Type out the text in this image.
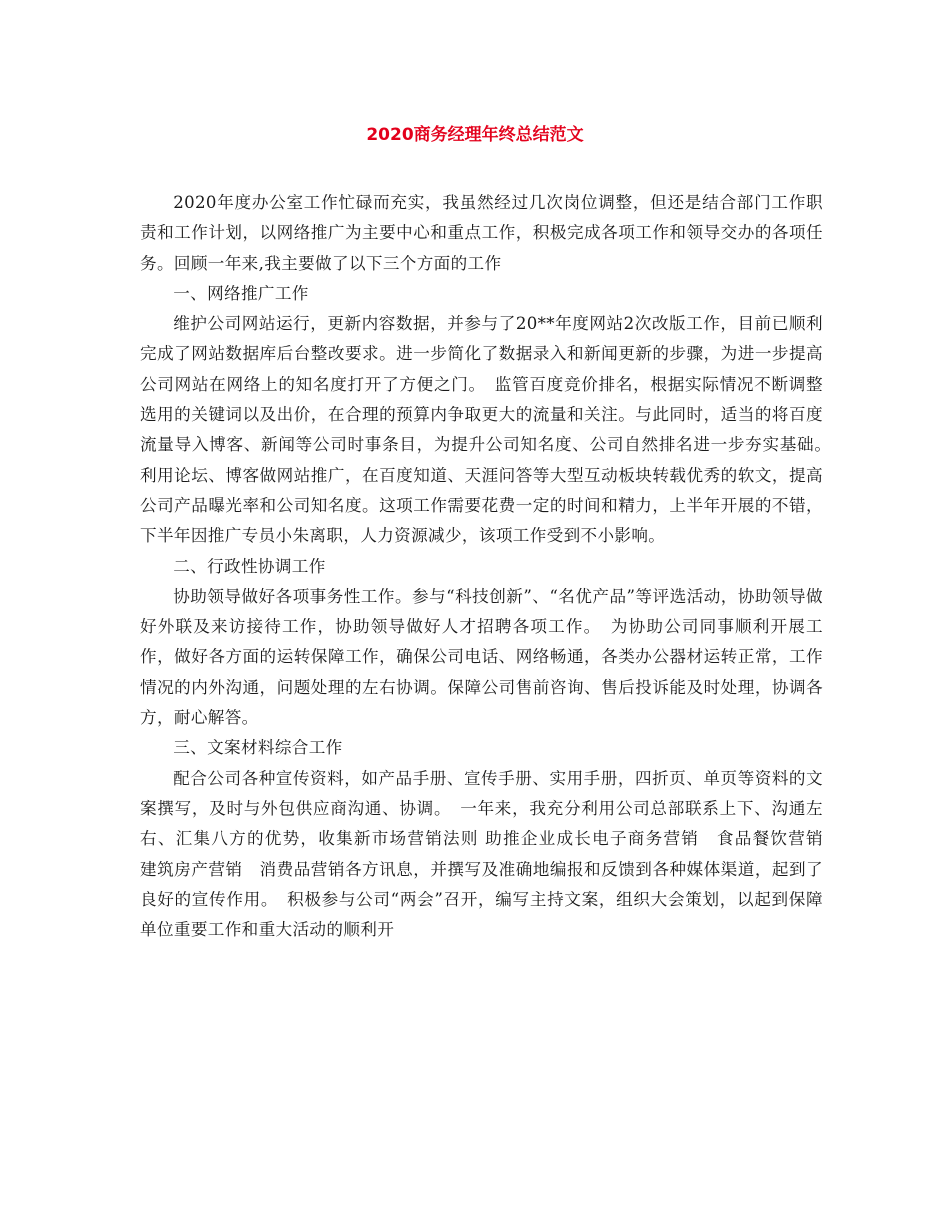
2020商务经理年终总结范文

2020年度办公室工作忙碌而充实，我虽然经过几次岗位调整，但还是结合部门工作职责和工作计划，以网络推广为主要中心和重点工作，积极完成各项工作和领导交办的各项任务。回顾一年来,我主要做了以下三个方面的工作

一、网络推广工作

维护公司网站运行，更新内容数据，并参与了20**年度网站2次改版工作，目前已顺利完成了网站数据库后台整改要求。进一步简化了数据录入和新闻更新的步骤，为进一步提高公司网站在网络上的知名度打开了方便之门。　监管百度竞价排名，根据实际情况不断调整选用的关键词以及出价，在合理的预算内争取更大的流量和关注。与此同时，适当的将百度流量导入博客、新闻等公司时事条目，为提升公司知名度、公司自然排名进一步夯实基础。　利用论坛、博客做网站推广，在百度知道、天涯问答等大型互动板块转载优秀的软文，提高公司产品曝光率和公司知名度。这项工作需要花费一定的时间和精力，上半年开展的不错，下半年因推广专员小朱离职，人力资源减少，该项工作受到不小影响。

二、行政性协调工作

协助领导做好各项事务性工作。参与“科技创新”、“名优产品”等评选活动，协助领导做好外联及来访接待工作，协助领导做好人才招聘各项工作。　为协助公司同事顺利开展工作，做好各方面的运转保障工作，确保公司电话、网络畅通，各类办公器材运转正常，工作情况的内外沟通，问题处理的左右协调。保障公司售前咨询、售后投诉能及时处理，协调各方，耐心解答。

三、文案材料综合工作

配合公司各种宣传资料，如产品手册、宣传手册、实用手册，四折页、单页等资料的文案撰写，及时与外包供应商沟通、协调。　一年来，我充分利用公司总部联系上下、沟通左右、汇集八方的优势，收集新市场营销法则 助推企业成长电子商务营销　食品餐饮营销　建筑房产营销　消费品营销各方讯息，并撰写及准确地编报和反馈到各种媒体渠道，起到了良好的宣传作用。　积极参与公司“两会”召开，编写主持文案，组织大会策划，以起到保障单位重要工作和重大活动的顺利开
